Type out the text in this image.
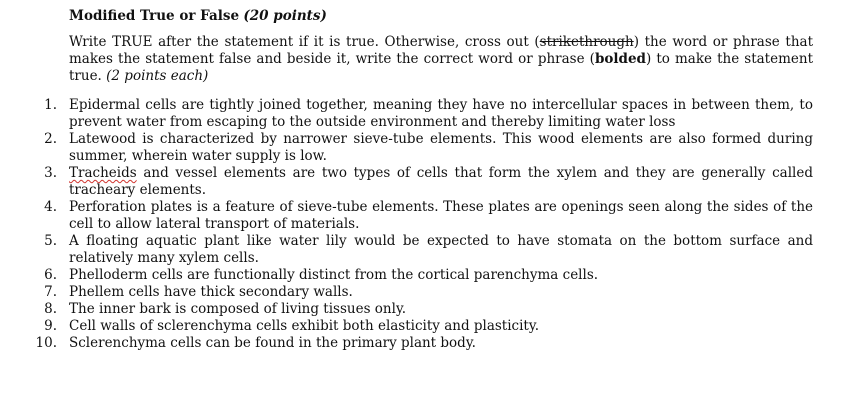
Modified True or False (20 points)
Write TRUE after the statement if it is true. Otherwise, cross out (strikethrough) the word or phrase that makes the statement false and beside it, write the correct word or phrase (bolded) to make the statement true. (2 points each)
1. Epidermal cells are tightly joined together, meaning they have no intercellular spaces in between them, to prevent water from escaping to the outside environment and thereby limiting water loss
2. Latewood is characterized by narrower sieve-tube elements. This wood elements are also formed during summer, wherein water supply is low.
3. Tracheids and vessel elements are two types of cells that form the xylem and they are generally called tracheary elements.
4. Perforation plates is a feature of sieve-tube elements. These plates are openings seen along the sides of the cell to allow lateral transport of materials.
5. A floating aquatic plant like water lily would be expected to have stomata on the bottom surface and relatively many xylem cells.
6. Phelloderm cells are functionally distinct from the cortical parenchyma cells.
7. Phellem cells have thick secondary walls.
8. The inner bark is composed of living tissues only.
9. Cell walls of sclerenchyma cells exhibit both elasticity and plasticity.
10. Sclerenchyma cells can be found in the primary plant body.
